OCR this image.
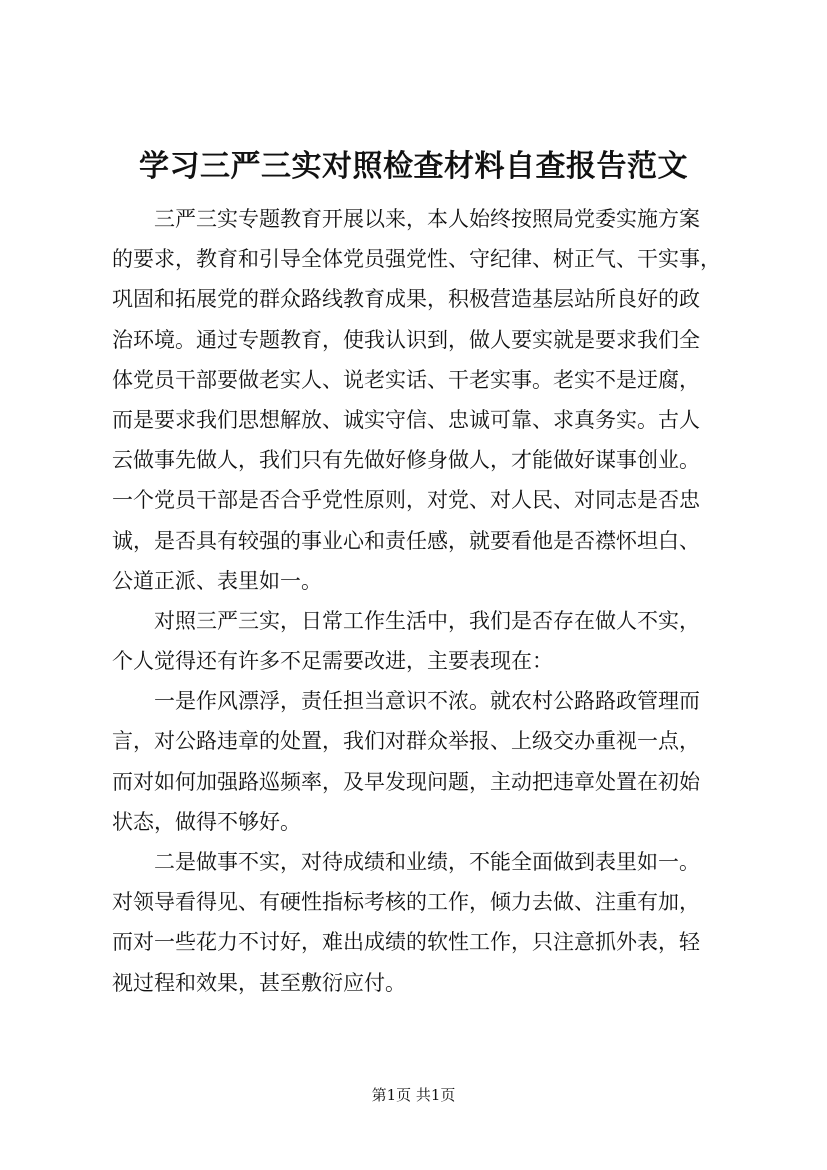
学习三严三实对照检查材料自查报告范文
三严三实专题教育开展以来，本人始终按照局党委实施方案
的要求，教育和引导全体党员强党性、守纪律、树正气、干实事，
巩固和拓展党的群众路线教育成果，积极营造基层站所良好的政
治环境。通过专题教育，使我认识到，做人要实就是要求我们全
体党员干部要做老实人、说老实话、干老实事。老实不是迂腐，
而是要求我们思想解放、诚实守信、忠诚可靠、求真务实。古人
云做事先做人，我们只有先做好修身做人，才能做好谋事创业。
一个党员干部是否合乎党性原则，对党、对人民、对同志是否忠
诚，是否具有较强的事业心和责任感，就要看他是否襟怀坦白、
公道正派、表里如一。
对照三严三实，日常工作生活中，我们是否存在做人不实，
个人觉得还有许多不足需要改进，主要表现在：
一是作风漂浮，责任担当意识不浓。就农村公路路政管理而
言，对公路违章的处置，我们对群众举报、上级交办重视一点，
而对如何加强路巡频率，及早发现问题，主动把违章处置在初始
状态，做得不够好。
二是做事不实，对待成绩和业绩，不能全面做到表里如一。
对领导看得见、有硬性指标考核的工作，倾力去做、注重有加，
而对一些花力不讨好，难出成绩的软性工作，只注意抓外表，轻
视过程和效果，甚至敷衍应付。
第1页 共1页
